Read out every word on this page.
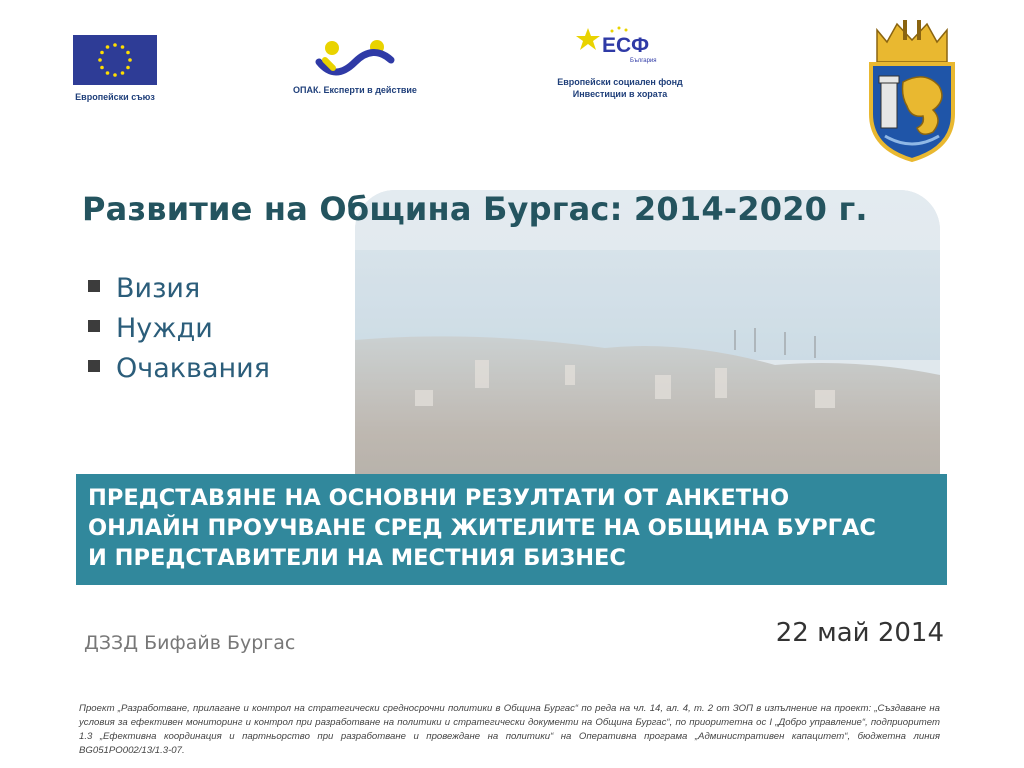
Европейски съюз
ОПАК. Експерти в действие
ЕСФ
България
Европейски социален фонд
Инвестиции в хората
Развитие на Община Бургас: 2014-2020 г.
Визия
Нужди
Очаквания
ПРЕДСТАВЯНЕ НА ОСНОВНИ РЕЗУЛТАТИ ОТ АНКЕТНО
ОНЛАЙН ПРОУЧВАНЕ СРЕД ЖИТЕЛИТЕ НА ОБЩИНА БУРГАС
И ПРЕДСТАВИТЕЛИ НА МЕСТНИЯ БИЗНЕС
ДЗЗД Бифайв Бургас	22 май 2014

Проект „Разработване, прилагане и контрол на стратегически средносрочни политики в Община Бургас“ по реда на чл. 14, ал. 4, т. 2 от ЗОП в изпълнение на проект: „Създаване на условия за ефективен мониторинг и контрол при разработване на политики и стратегически документи на Община Бургас“, по приоритетна ос I „Добро управление“, подприоритет 1.3 „Ефективна координация и партньорство при разработване и провеждане на политики“ на Оперативна програма „Административен капацитет“, бюджетна линия BG051PO002/13/1.3-07.
